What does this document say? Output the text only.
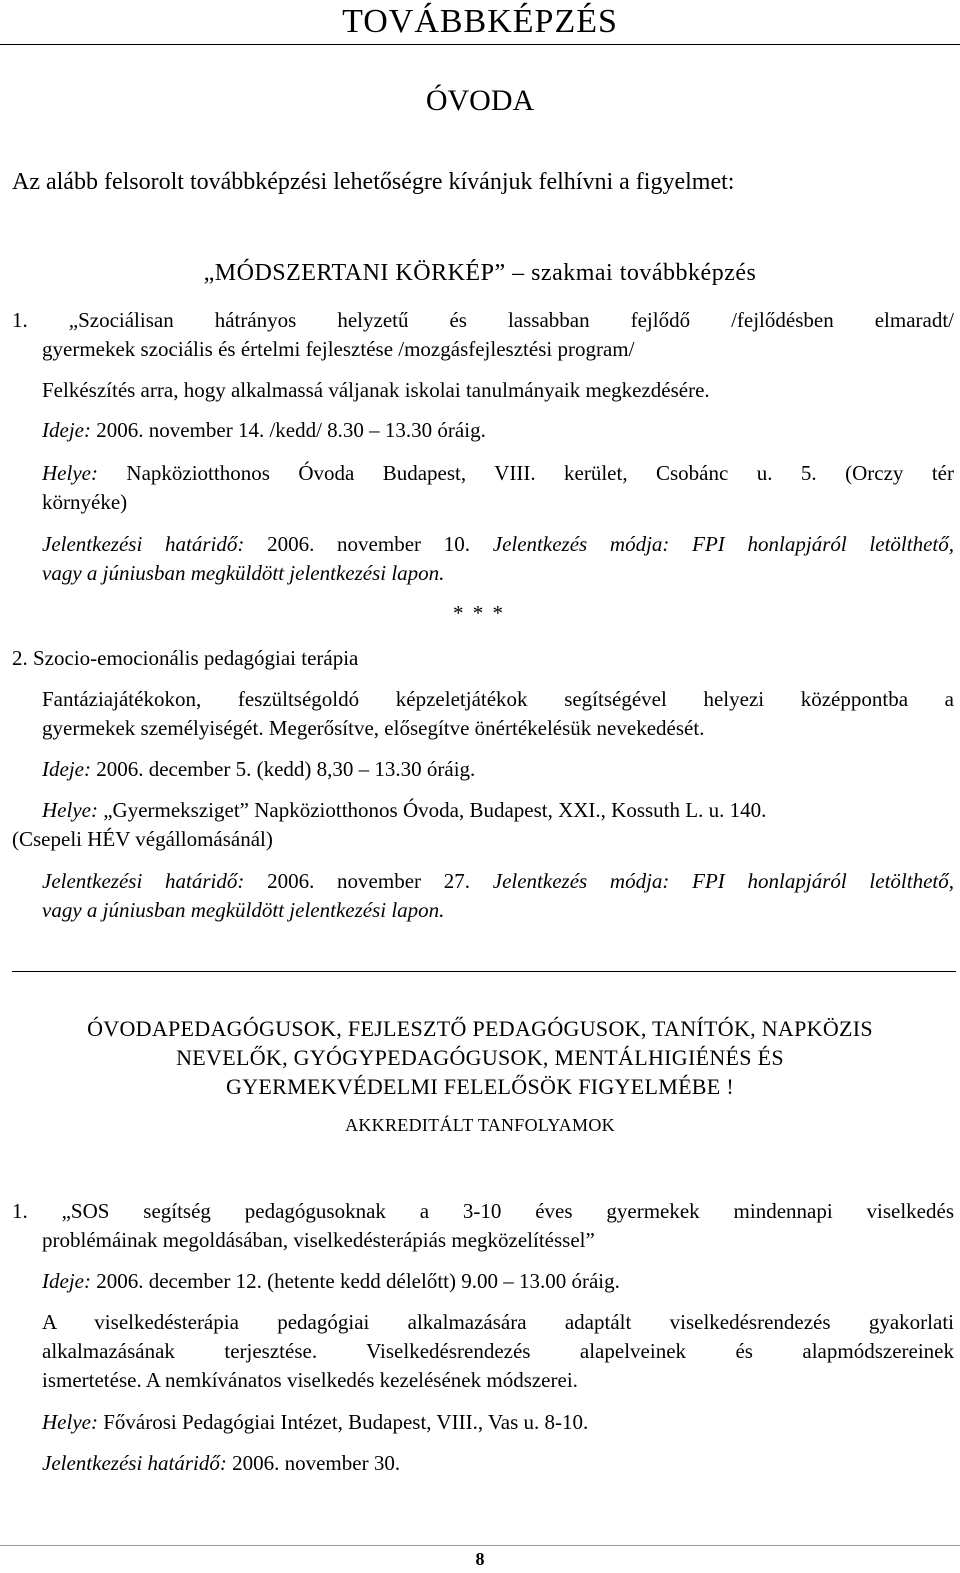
TOVÁBBKÉPZÉS
ÓVODA
Az alább felsorolt továbbképzési lehetőségre kívánjuk felhívni a figyelmet:
„MÓDSZERTANI KÖRKÉP” – szakmai továbbképzés
1. „Szociálisan hátrányos helyzetű és lassabban fejlődő /fejlődésben elmaradt/
gyermekek szociális és értelmi fejlesztése /mozgásfejlesztési program/
Felkészítés arra, hogy alkalmassá váljanak iskolai tanulmányaik megkezdésére.
Ideje: 2006. november 14. /kedd/ 8.30 – 13.30 óráig.
Helye: Napköziotthonos Óvoda Budapest, VIII. kerület, Csobánc u. 5. (Orczy tér
környéke)
Jelentkezési határidő: 2006. november 10. Jelentkezés módja: FPI honlapjáról letölthető,
vagy a júniusban megküldött jelentkezési lapon.
* * *
2. Szocio-emocionális pedagógiai terápia
Fantáziajátékokon, feszültségoldó képzeletjátékok segítségével helyezi középpontba a
gyermekek személyiségét. Megerősítve, elősegítve önértékelésük nevekedését.
Ideje: 2006. december 5. (kedd) 8,30 – 13.30 óráig.
Helye: „Gyermeksziget” Napköziotthonos Óvoda, Budapest, XXI., Kossuth L. u. 140.
(Csepeli HÉV végállomásánál)
Jelentkezési határidő: 2006. november 27. Jelentkezés módja: FPI honlapjáról letölthető,
vagy a júniusban megküldött jelentkezési lapon.
ÓVODAPEDAGÓGUSOK, FEJLESZTŐ PEDAGÓGUSOK, TANÍTÓK, NAPKÖZIS
NEVELŐK, GYÓGYPEDAGÓGUSOK, MENTÁLHIGIÉNÉS ÉS
GYERMEKVÉDELMI FELELŐSÖK FIGYELMÉBE !
AKKREDITÁLT TANFOLYAMOK
1. „SOS segítség pedagógusoknak a 3-10 éves gyermekek mindennapi viselkedés
problémáinak megoldásában, viselkedésterápiás megközelítéssel”
Ideje: 2006. december 12. (hetente kedd délelőtt) 9.00 – 13.00 óráig.
A viselkedésterápia pedagógiai alkalmazására adaptált viselkedésrendezés gyakorlati
alkalmazásának terjesztése. Viselkedésrendezés alapelveinek és alapmódszereinek
ismertetése. A nemkívánatos viselkedés kezelésének módszerei.
Helye: Fővárosi Pedagógiai Intézet, Budapest, VIII., Vas u. 8-10.
Jelentkezési határidő: 2006. november 30.
8
